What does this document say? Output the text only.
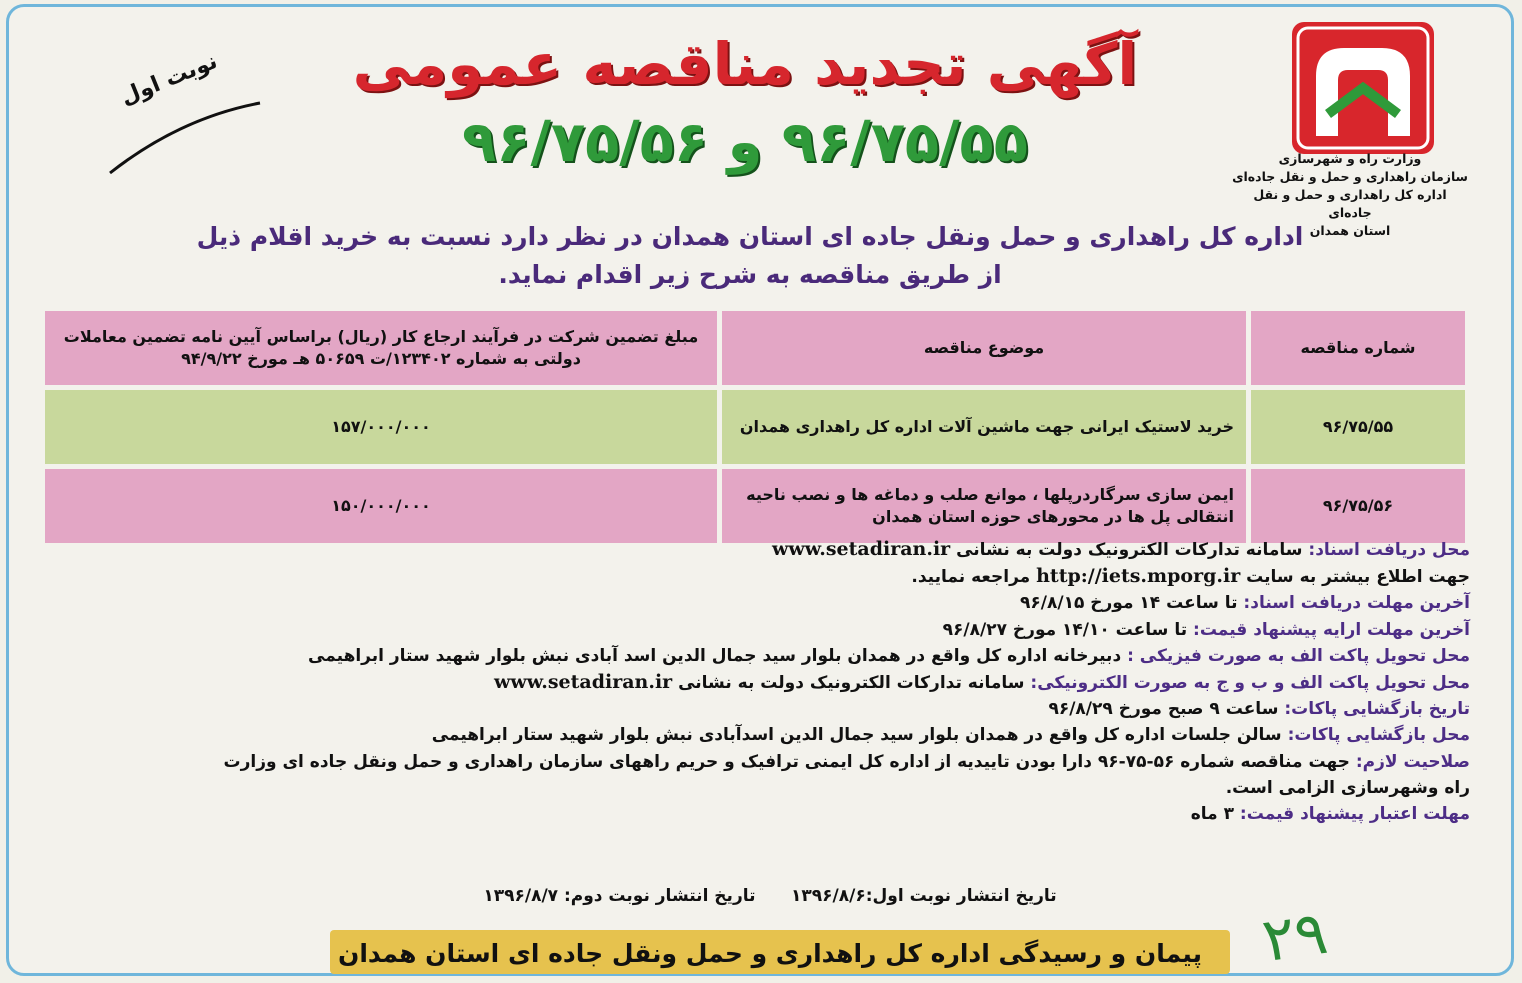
وزارت راه و شهرسازی
سازمان راهداری و حمل و نقل جاده‌ای
اداره کل راهداری و حمل و نقل جاده‌ای
استان همدان
آگهی تجدید مناقصه عمومی
۹۶/۷۵/۵۵ و ۹۶/۷۵/۵۶
نوبت اول
اداره کل راهداری و حمل ونقل جاده ای استان همدان در نظر دارد نسبت به خرید اقلام ذیل
از طریق مناقصه به شرح زیر اقدام نماید.
شماره مناقصه	موضوع مناقصه	مبلغ تضمین شرکت در فرآیند ارجاع کار (ریال) براساس آیین نامه تضمین معاملات دولتی به شماره ۱۲۳۴۰۲/ت ۵۰۶۵۹ هـ مورخ ۹۴/۹/۲۲
۹۶/۷۵/۵۵	خرید لاستیک ایرانی جهت ماشین آلات اداره کل راهداری همدان	۱۵۷/۰۰۰/۰۰۰
۹۶/۷۵/۵۶	ایمن سازی سرگاردرپلها ، موانع صلب و دماغه ها و نصب ناحیه انتقالی پل ها در محورهای حوزه استان همدان	۱۵۰/۰۰۰/۰۰۰
محل دریافت اسناد: سامانه تدارکات الکترونیک دولت به نشانی www.setadiran.ir
جهت اطلاع بیشتر به سایت http://iets.mporg.ir مراجعه نمایید.
آخرین مهلت دریافت اسناد: تا ساعت ۱۴ مورخ ۹۶/۸/۱۵
آخرین مهلت ارایه پیشنهاد قیمت: تا ساعت ۱۴/۱۰ مورخ ۹۶/۸/۲۷
محل تحویل پاکت الف به صورت فیزیکی : دبیرخانه اداره کل واقع در همدان بلوار سید جمال الدین اسد آبادی نبش بلوار شهید ستار ابراهیمی
محل تحویل پاکت الف و ب و ج به صورت الکترونیکی: سامانه تدارکات الکترونیک دولت به نشانی www.setadiran.ir
تاریخ بازگشایی پاکات: ساعت ۹ صبح مورخ ۹۶/۸/۲۹
محل بازگشایی پاکات: سالن جلسات اداره کل واقع در همدان بلوار سید جمال الدین اسدآبادی نبش بلوار شهید ستار ابراهیمی
صلاحیت لازم: جهت مناقصه شماره ۵۶-۷۵-۹۶ دارا بودن تاییدیه از اداره کل ایمنی ترافیک و حریم راههای سازمان راهداری و حمل ونقل جاده ای وزارت
راه وشهرسازی الزامی است.
مهلت اعتبار پیشنهاد قیمت: ۳ ماه
تاریخ انتشار نوبت اول:۱۳۹۶/۸/۶      تاریخ انتشار نوبت دوم: ۱۳۹۶/۸/۷
۲۹
پیمان و رسیدگی اداره کل راهداری و حمل ونقل جاده ای استان همدان
